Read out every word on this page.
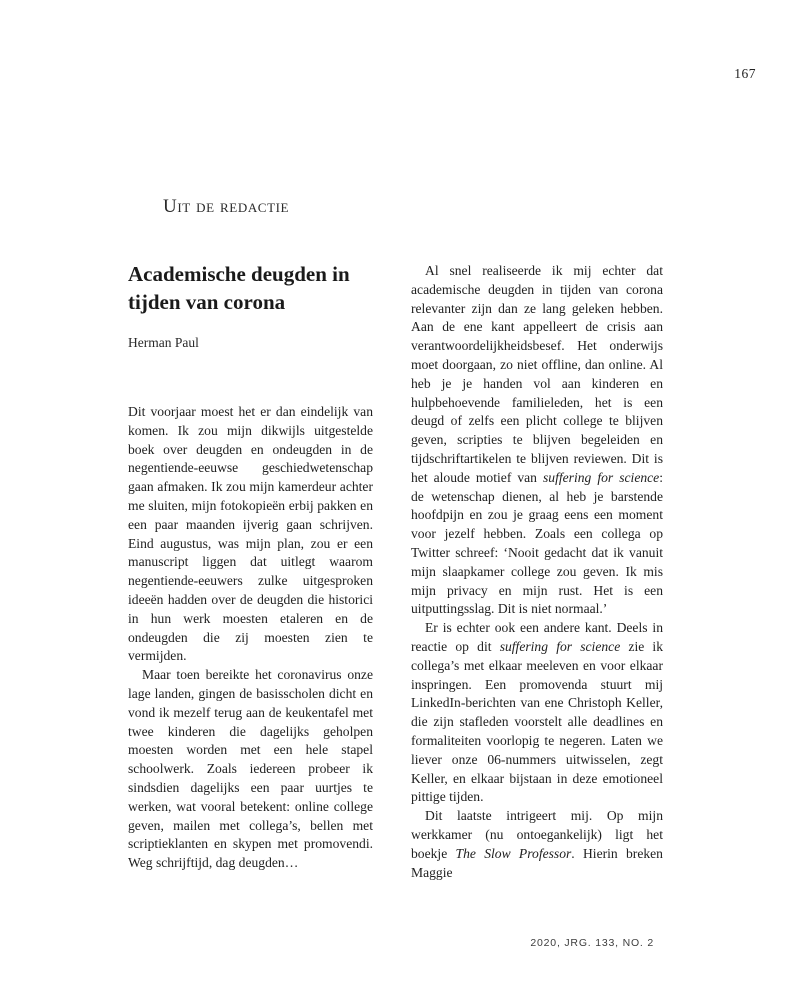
167
Uit de redactie
Academische deugden in tijden van corona
Herman Paul

Dit voorjaar moest het er dan eindelijk van komen. Ik zou mijn dikwijls uitgestelde boek over deugden en ondeugden in de negentiende-eeuwse geschiedwetenschap gaan afmaken. Ik zou mijn kamerdeur achter me sluiten, mijn fotokopieën erbij pakken en een paar maanden ijverig gaan schrijven. Eind augustus, was mijn plan, zou er een manuscript liggen dat uitlegt waarom negentiende-eeuwers zulke uitgesproken ideeën hadden over de deugden die historici in hun werk moesten etaleren en de ondeugden die zij moesten zien te vermijden.

Maar toen bereikte het coronavirus onze lage landen, gingen de basisscholen dicht en vond ik mezelf terug aan de keukentafel met twee kinderen die dagelijks geholpen moesten worden met een hele stapel schoolwerk. Zoals iedereen probeer ik sindsdien dagelijks een paar uurtjes te werken, wat vooral betekent: online college geven, mailen met collega’s, bellen met scriptieklanten en skypen met promovendi. Weg schrijftijd, dag deugden…

Al snel realiseerde ik mij echter dat academische deugden in tijden van corona relevanter zijn dan ze lang geleken hebben. Aan de ene kant appelleert de crisis aan verantwoordelijkheidsbesef. Het onderwijs moet doorgaan, zo niet offline, dan online. Al heb je je handen vol aan kinderen en hulpbehoevende familieleden, het is een deugd of zelfs een plicht college te blijven geven, scripties te blijven begeleiden en tijdschriftartikelen te blijven reviewen. Dit is het aloude motief van suffering for science: de wetenschap dienen, al heb je barstende hoofdpijn en zou je graag eens een moment voor jezelf hebben. Zoals een collega op Twitter schreef: ‘Nooit gedacht dat ik vanuit mijn slaapkamer college zou geven. Ik mis mijn privacy en mijn rust. Het is een uitputtingsslag. Dit is niet normaal.’

Er is echter ook een andere kant. Deels in reactie op dit suffering for science zie ik collega’s met elkaar meeleven en voor elkaar inspringen. Een promovenda stuurt mij LinkedIn-berichten van ene Christoph Keller, die zijn stafleden voorstelt alle deadlines en formaliteiten voorlopig te negeren. Laten we liever onze 06-nummers uitwisselen, zegt Keller, en elkaar bijstaan in deze emotioneel pittige tijden.

Dit laatste intrigeert mij. Op mijn werkkamer (nu ontoegankelijk) ligt het boekje The Slow Professor. Hierin breken Maggie

2020, JRG. 133, NO. 2
